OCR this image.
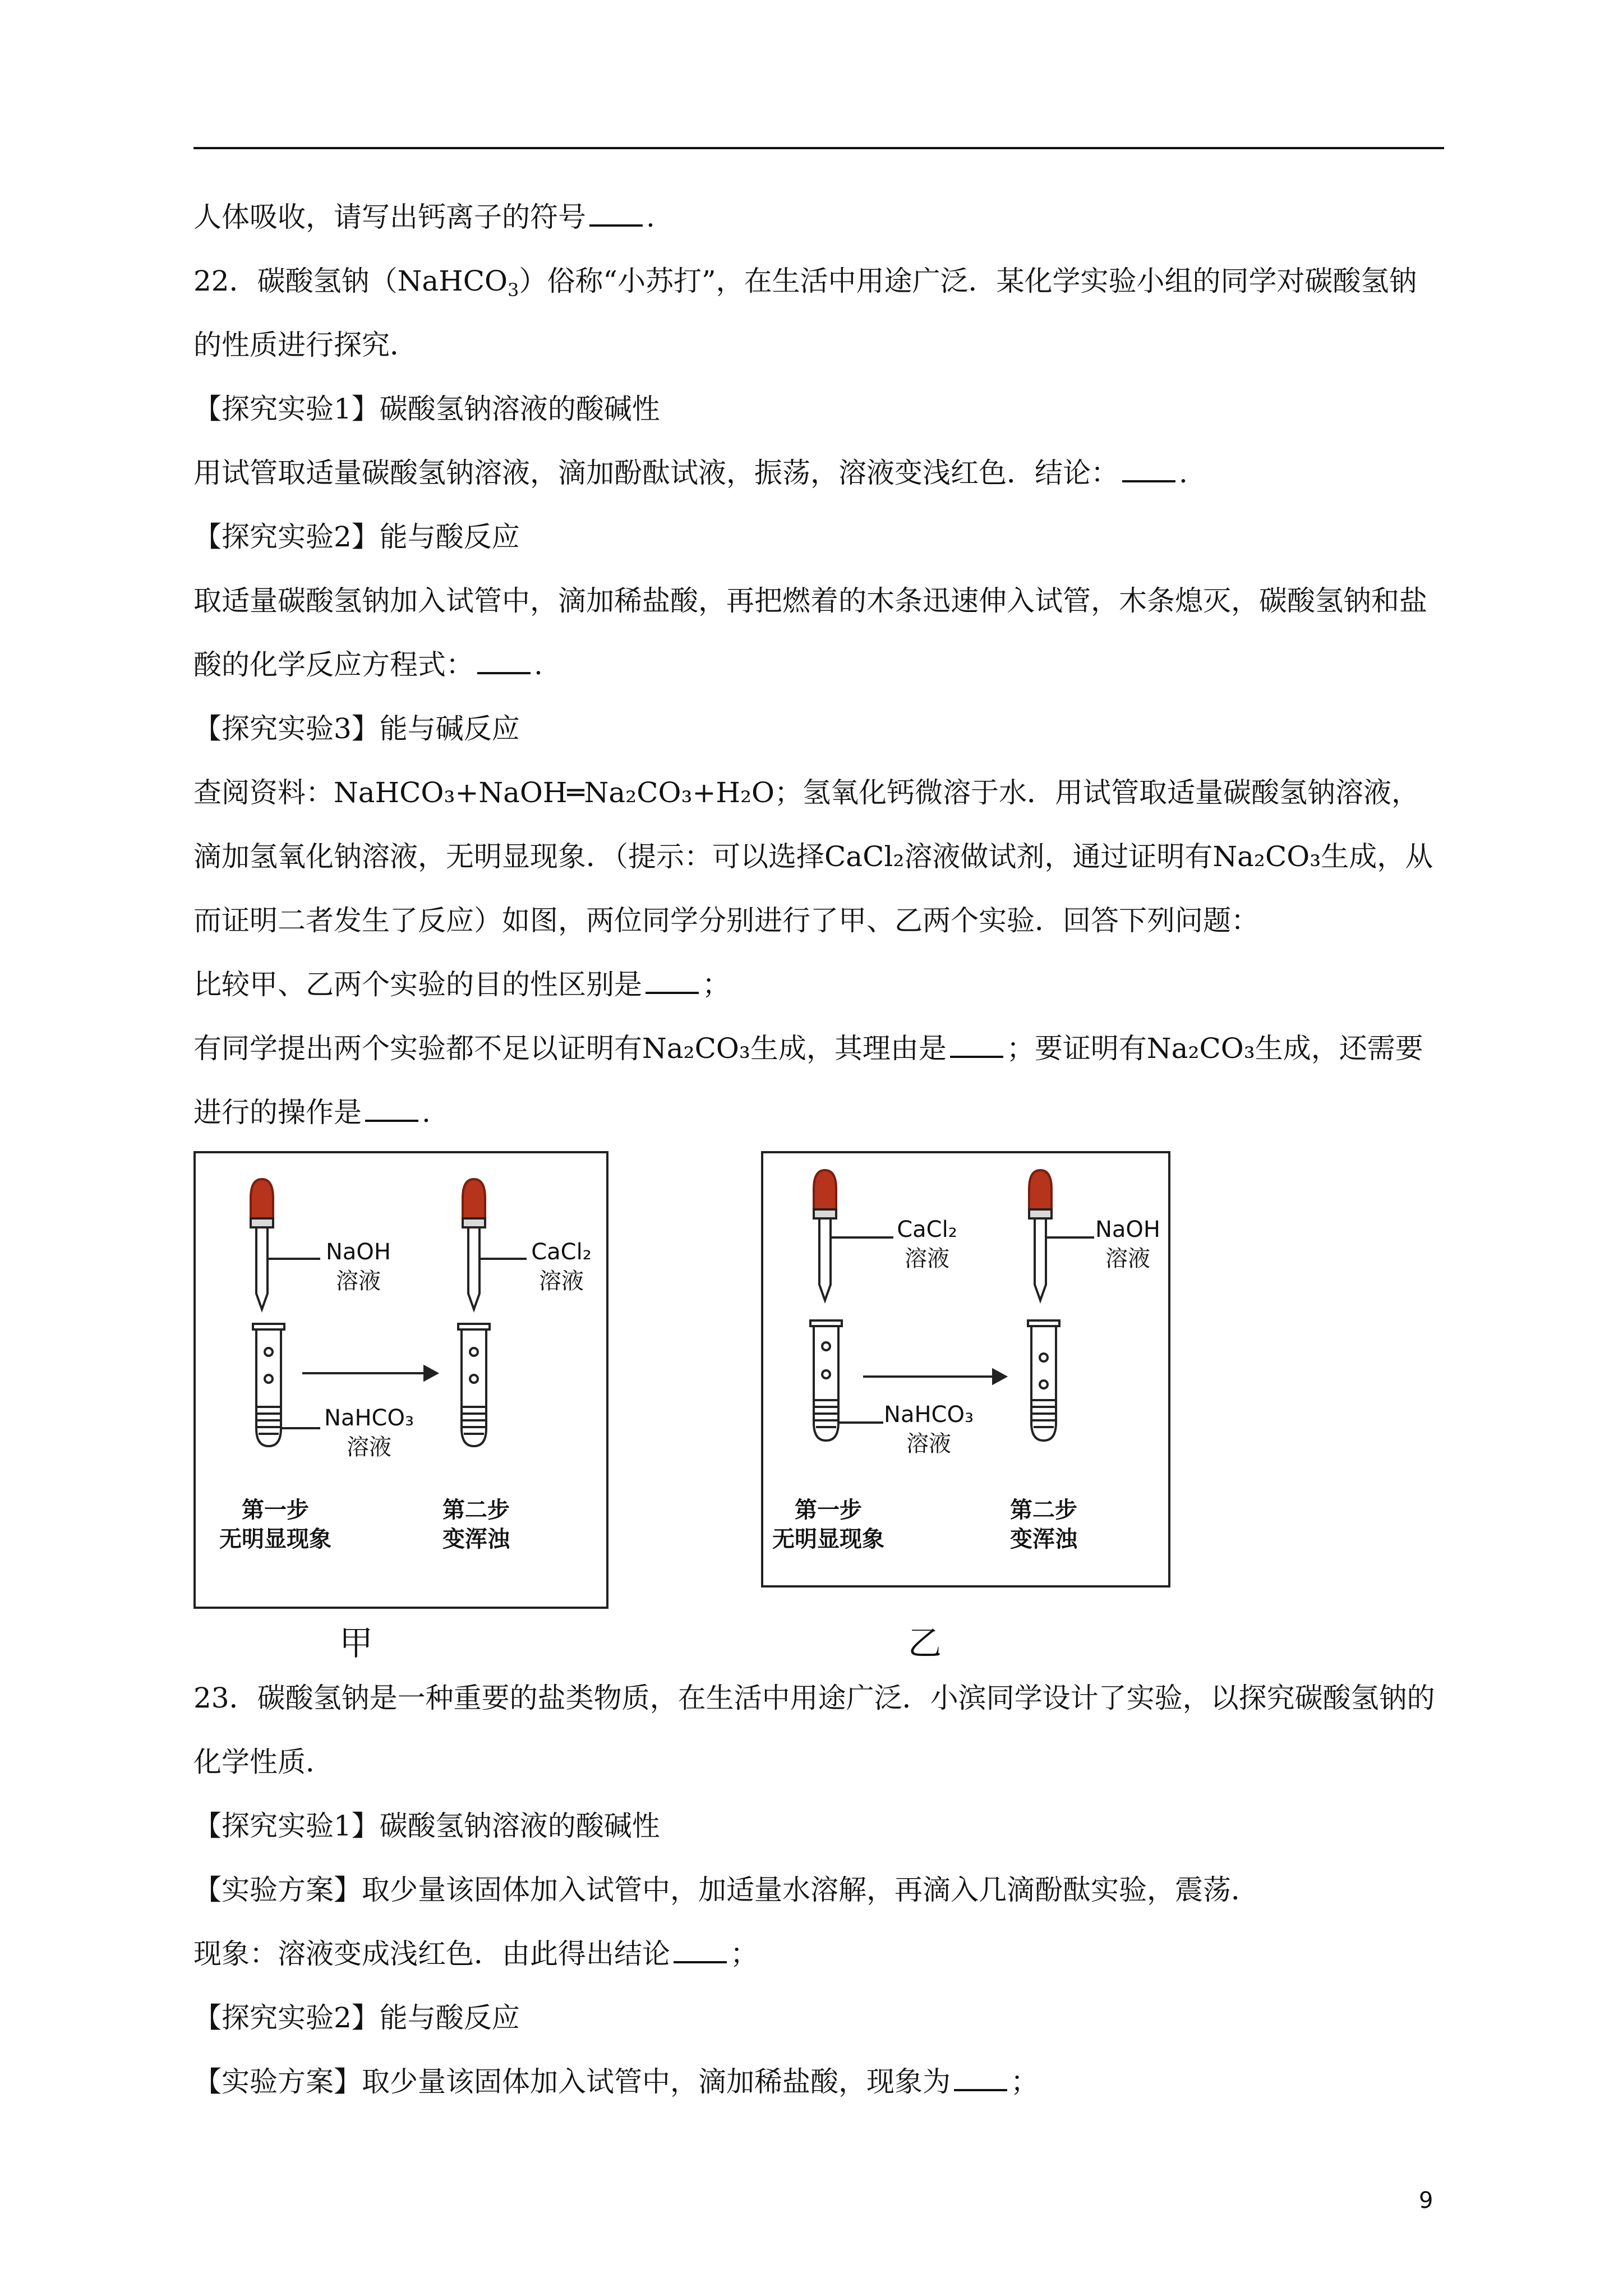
人体吸收，请写出钙离子的符号 .

22．碳酸氢钠（NaHCO$_3$）俗称“小苏打”，在生活中用途广泛．某化学实验小组的同学对碳酸氢钠的性质进行探究．

【探究实验1】碳酸氢钠溶液的酸碱性

用试管取适量碳酸氢钠溶液，滴加酚酞试液，振荡，溶液变浅红色．结论： .

【探究实验2】能与酸反应

取适量碳酸氢钠加入试管中，滴加稀盐酸，再把燃着的木条迅速伸入试管，木条熄灭，碳酸氢钠和盐酸的化学反应方程式： .

【探究实验3】能与碱反应

查阅资料：NaHCO₃+NaOH═Na₂CO₃+H₂O；氢氧化钙微溶于水．用试管取适量碳酸氢钠溶液，滴加氢氧化钠溶液，无明显现象．（提示：可以选择CaCl₂溶液做试剂，通过证明有Na₂CO₃生成，从而证明二者发生了反应）如图，两位同学分别进行了甲、乙两个实验．回答下列问题：

比较甲、乙两个实验的目的性区别是 ；

有同学提出两个实验都不足以证明有Na₂CO₃生成，其理由是 ；要证明有Na₂CO₃生成，还需要进行的操作是 .

NaOH
溶液
CaCl₂
溶液
NaHCO₃
溶液
第一步
无明显现象
第二步
变浑浊
甲
CaCl₂
溶液
NaOH
溶液
NaHCO₃
溶液
第一步
无明显现象
第二步
变浑浊
乙

23．碳酸氢钠是一种重要的盐类物质，在生活中用途广泛．小滨同学设计了实验，以探究碳酸氢钠的化学性质．

【探究实验1】碳酸氢钠溶液的酸碱性

【实验方案】取少量该固体加入试管中，加适量水溶解，再滴入几滴酚酞实验，震荡．

现象：溶液变成浅红色．由此得出结论 ；

【探究实验2】能与酸反应

【实验方案】取少量该固体加入试管中，滴加稀盐酸，现象为 ；

9
